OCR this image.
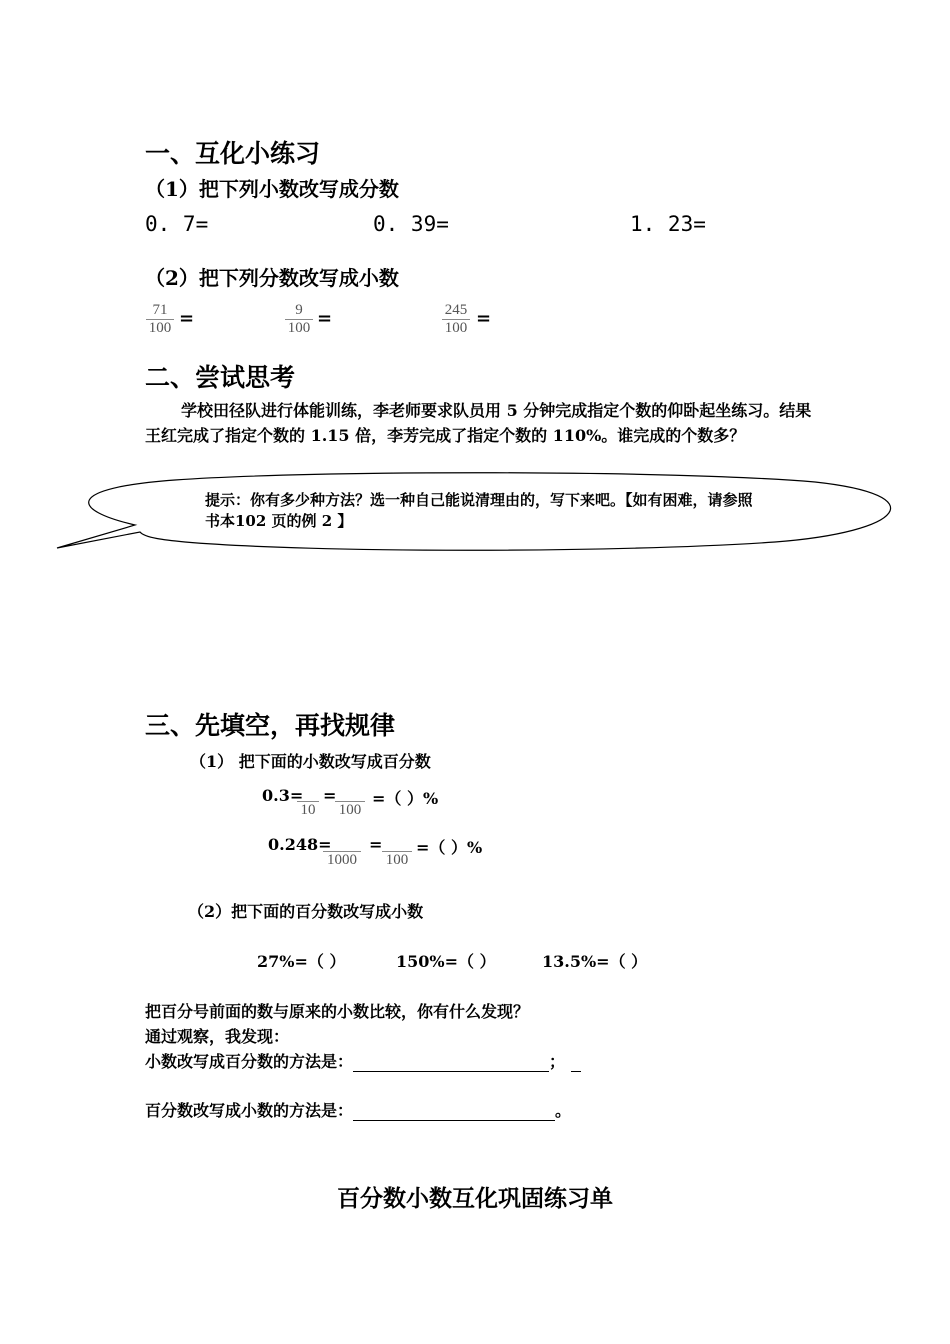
一、互化小练习
（1）把下列小数改写成分数
0. 7=	0. 39=	1. 23=
（2）把下列分数改写成小数
71
100 =	9
100 =	245
100 =
二、尝试思考
学校田径队进行体能训练，李老师要求队员用 5 分钟完成指定个数的仰卧起坐练习。结果王红完成了指定个数的 1.15 倍，李芳完成了指定个数的 110%。谁完成的个数多？
提示：你有多少种方法？选一种自己能说清理由的，写下来吧。【如有困难，请参照书本102 页的例 2 】
三、先填空，再找规律
（1） 把下面的小数改写成百分数
0.3=
10
=
100
=（ ）%
0.248=
1000
=
100
=（ ）%
（2）把下面的百分数改写成小数
27%=（ ）	150%=（ ）	13.5%=（ ）
把百分号前面的数与原来的小数比较，你有什么发现？
通过观察，我发现：
小数改写成百分数的方法是：	；
百分数改写成小数的方法是：	。
百分数小数互化巩固练习单
